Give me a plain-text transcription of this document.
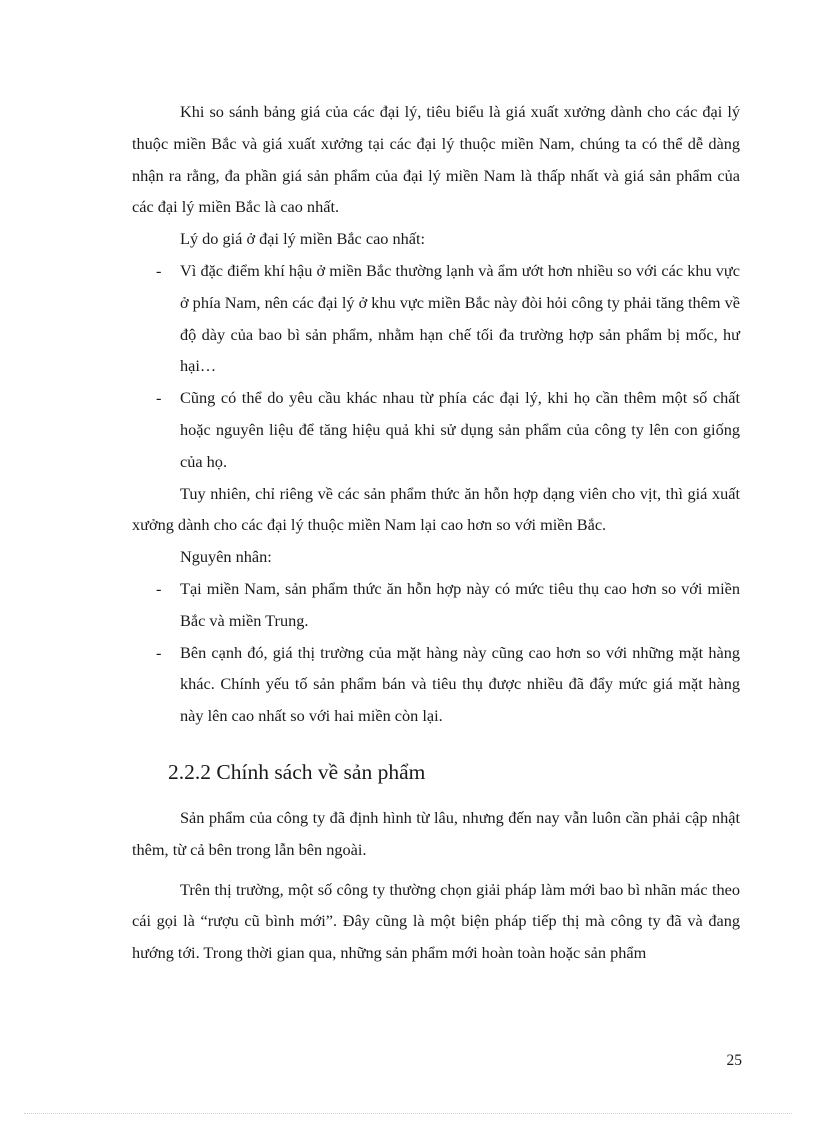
Khi so sánh bảng giá của các đại lý, tiêu biểu là giá xuất xưởng dành cho các đại lý thuộc miền Bắc và giá xuất xưởng tại các đại lý thuộc miền Nam, chúng ta có thể dễ dàng nhận ra rằng, đa phần giá sản phẩm của đại lý miền Nam là thấp nhất và giá sản phẩm của các đại lý miền Bắc là cao nhất.

Lý do giá ở đại lý miền Bắc cao nhất:

- Vì đặc điểm khí hậu ở miền Bắc thường lạnh và ẩm ướt hơn nhiều so với các khu vực ở phía Nam, nên các đại lý ở khu vực miền Bắc này đòi hỏi công ty phải tăng thêm về độ dày của bao bì sản phẩm, nhằm hạn chế tối đa trường hợp sản phẩm bị mốc, hư hại…
- Cũng có thể do yêu cầu khác nhau từ phía các đại lý, khi họ cần thêm một số chất hoặc nguyên liệu để tăng hiệu quả khi sử dụng sản phẩm của công ty lên con giống của họ.

Tuy nhiên, chỉ riêng về các sản phẩm thức ăn hỗn hợp dạng viên cho vịt, thì giá xuất xưởng dành cho các đại lý thuộc miền Nam lại cao hơn so với miền Bắc.

Nguyên nhân:

- Tại miền Nam, sản phẩm thức ăn hỗn hợp này có mức tiêu thụ cao hơn so với miền Bắc và miền Trung.
- Bên cạnh đó, giá thị trường của mặt hàng này cũng cao hơn so với những mặt hàng khác. Chính yếu tố sản phẩm bán và tiêu thụ được nhiều đã đẩy mức giá mặt hàng này lên cao nhất so với hai miền còn lại.
2.2.2 Chính sách về sản phẩm

Sản phẩm của công ty đã định hình từ lâu, nhưng đến nay vẫn luôn cần phải cập nhật thêm, từ cả bên trong lẫn bên ngoài.

Trên thị trường, một số công ty thường chọn giải pháp làm mới bao bì nhãn mác theo cái gọi là “rượu cũ bình mới”. Đây cũng là một biện pháp tiếp thị mà công ty đã và đang hướng tới. Trong thời gian qua, những sản phẩm mới hoàn toàn hoặc sản phẩm

25
